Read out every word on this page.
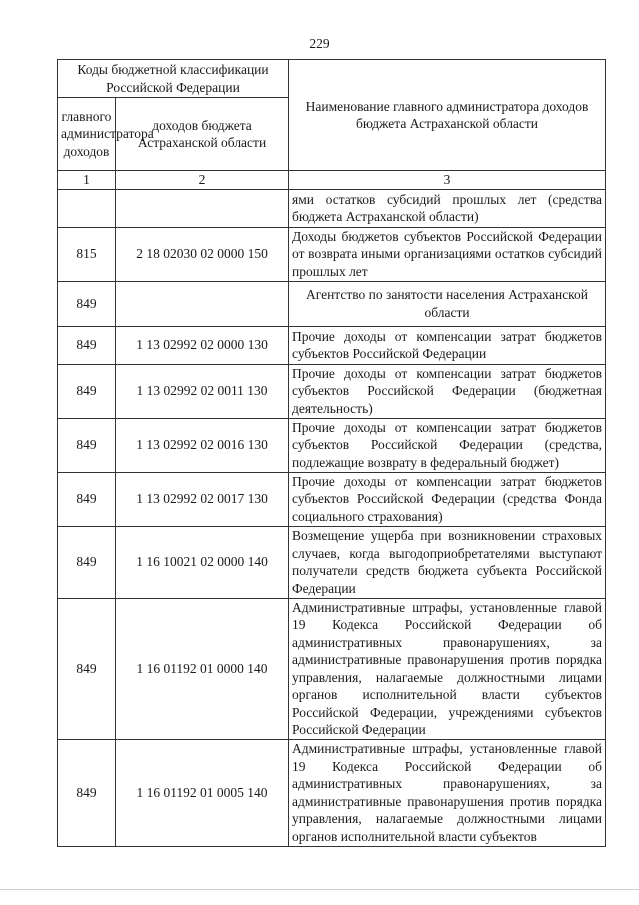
229
Коды бюджетной классификации Российской Федерации		Наименование главного администратора доходов бюджета Астраханской области
главного администратора доходов	доходов бюджета Астраханской области	
1	2	3
		ями остатков субсидий прошлых лет (средства бюджета Астраханской области)
815	2 18 02030 02 0000 150	Доходы бюджетов субъектов Российской Федерации от возврата иными организациями остатков субсидий прошлых лет
849		Агентство по занятости населения Астраханской области
849	1 13 02992 02 0000 130	Прочие доходы от компенсации затрат бюджетов субъектов Российской Федерации
849	1 13 02992 02 0011 130	Прочие доходы от компенсации затрат бюджетов субъектов Российской Федерации (бюджетная деятельность)
849	1 13 02992 02 0016 130	Прочие доходы от компенсации затрат бюджетов субъектов Российской Федерации (средства, подлежащие возврату в федеральный бюджет)
849	1 13 02992 02 0017 130	Прочие доходы от компенсации затрат бюджетов субъектов Российской Федерации (средства Фонда социального страхования)
849	1 16 10021 02 0000 140	Возмещение ущерба при возникновении страховых случаев, когда выгодоприобретателями выступают получатели средств бюджета субъекта Российской Федерации
849	1 16 01192 01 0000 140	Административные штрафы, установленные главой 19 Кодекса Российской Федерации об административных правонарушениях, за административные правонарушения против порядка управления, налагаемые должностными лицами органов исполнительной власти субъектов Российской Федерации, учреждениями субъектов Российской Федерации
849	1 16 01192 01 0005 140	Административные штрафы, установленные главой 19 Кодекса Российской Федерации об административных правонарушениях, за административные правонарушения против порядка управления, налагаемые должностными лицами органов исполнительной власти субъектов
